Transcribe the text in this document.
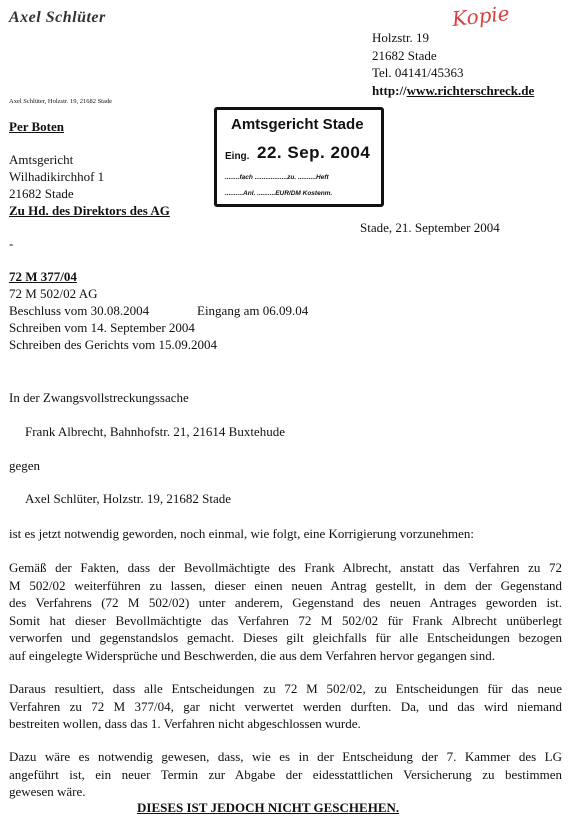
Axel Schlüter	Kopie
Holzstr. 19
21682 Stade
Tel. 04141/45363
http://www.richterschreck.de
Axel Schlüter, Holzstr. 19, 21682 Stade
Per Boten
Amtsgericht
Wilhadikirchhof 1
21682 Stade
Zu Hd. des Direktors des AG
Amtsgericht Stade
Eing. 22. Sep. 2004
........fach ..................zu. ..........Heft
..........Anl. ..........EUR/DM Kostenm.
Stade, 21. September 2004
-
72 M 377/04
72 M 502/02 AG
Beschluss vom 30.08.2004	Eingang am 06.09.04
Schreiben vom 14. September 2004
Schreiben des Gerichts vom 15.09.2004
In der Zwangsvollstreckungssache
Frank Albrecht, Bahnhofstr. 21, 21614 Buxtehude
gegen
Axel Schlüter, Holzstr. 19, 21682 Stade
ist es jetzt notwendig geworden, noch einmal, wie folgt, eine Korrigierung vorzunehmen:
Gemäß der Fakten, dass der Bevollmächtigte des Frank Albrecht, anstatt das Verfahren zu 72
M 502/02 weiterführen zu lassen, dieser einen neuen Antrag gestellt, in dem der Gegenstand
des Verfahrens (72 M 502/02) unter anderem, Gegenstand des neuen Antrages geworden ist.
Somit hat dieser Bevollmächtigte das Verfahren 72 M 502/02 für Frank Albrecht unüberlegt
verworfen und gegenstandslos gemacht. Dieses gilt gleichfalls für alle Entscheidungen bezogen
auf eingelegte Widersprüche und Beschwerden, die aus dem Verfahren hervor gegangen sind.
Daraus resultiert, dass alle Entscheidungen zu 72 M 502/02, zu Entscheidungen für das neue
Verfahren zu 72 M 377/04, gar nicht verwertet werden durften. Da, und das wird niemand
bestreiten wollen, dass das 1. Verfahren nicht abgeschlossen wurde.
Dazu wäre es notwendig gewesen, dass, wie es in der Entscheidung der 7. Kammer des LG
angeführt ist, ein neuer Termin zur Abgabe der eidesstattlichen Versicherung zu bestimmen
gewesen wäre.
DIESES IST JEDOCH NICHT GESCHEHEN.
